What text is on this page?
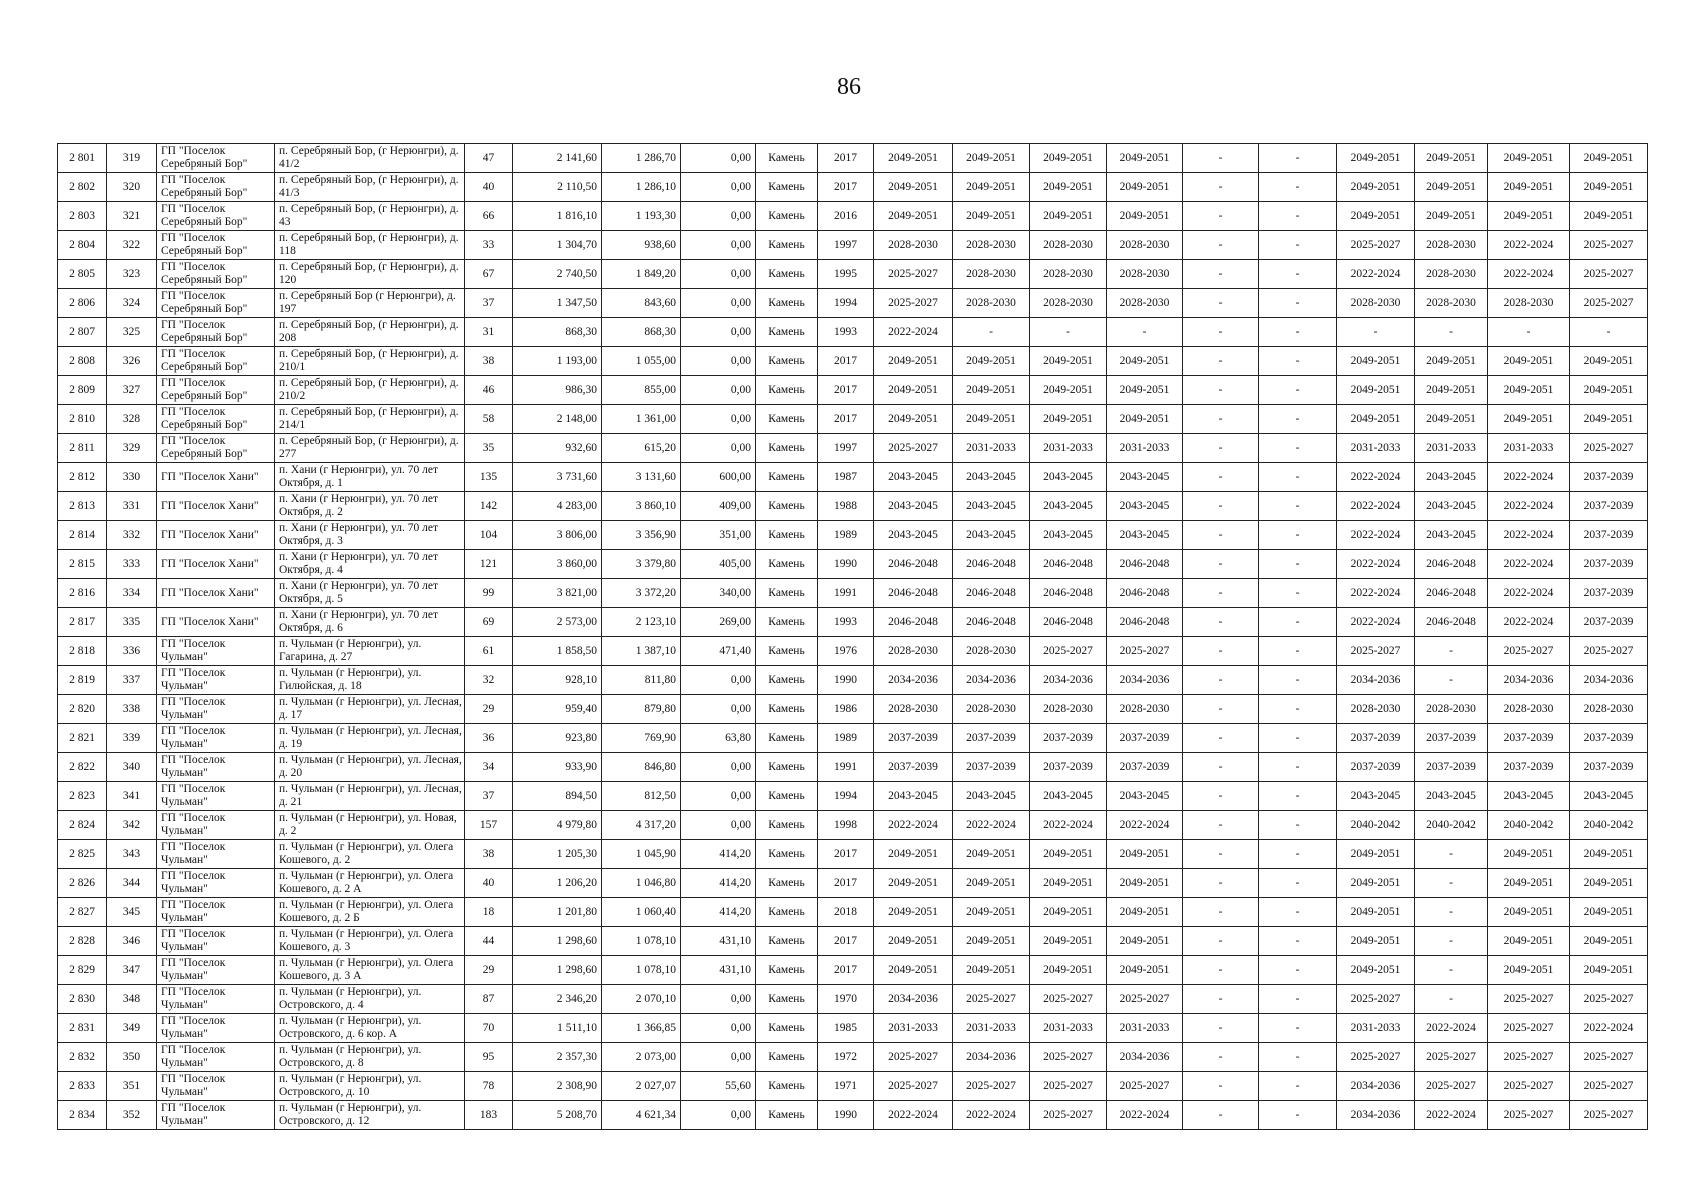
86
2 801	319	ГП "Поселок Серебряный Бор"	п. Серебряный Бор, (г Нерюнгри), д. 41/2	47	2 141,60	1 286,70	0,00	Камень	2017	2049-2051	2049-2051	2049-2051	2049-2051	-	-	2049-2051	2049-2051	2049-2051	2049-2051
2 802	320	ГП "Поселок Серебряный Бор"	п. Серебряный Бор, (г Нерюнгри), д. 41/3	40	2 110,50	1 286,10	0,00	Камень	2017	2049-2051	2049-2051	2049-2051	2049-2051	-	-	2049-2051	2049-2051	2049-2051	2049-2051
2 803	321	ГП "Поселок Серебряный Бор"	п. Серебряный Бор, (г Нерюнгри), д. 43	66	1 816,10	1 193,30	0,00	Камень	2016	2049-2051	2049-2051	2049-2051	2049-2051	-	-	2049-2051	2049-2051	2049-2051	2049-2051
2 804	322	ГП "Поселок Серебряный Бор"	п. Серебряный Бор, (г Нерюнгри), д. 118	33	1 304,70	938,60	0,00	Камень	1997	2028-2030	2028-2030	2028-2030	2028-2030	-	-	2025-2027	2028-2030	2022-2024	2025-2027
2 805	323	ГП "Поселок Серебряный Бор"	п. Серебряный Бор, (г Нерюнгри), д. 120	67	2 740,50	1 849,20	0,00	Камень	1995	2025-2027	2028-2030	2028-2030	2028-2030	-	-	2022-2024	2028-2030	2022-2024	2025-2027
2 806	324	ГП "Поселок Серебряный Бор"	п. Серебряный Бор (г Нерюнгри), д. 197	37	1 347,50	843,60	0,00	Камень	1994	2025-2027	2028-2030	2028-2030	2028-2030	-	-	2028-2030	2028-2030	2028-2030	2025-2027
2 807	325	ГП "Поселок Серебряный Бор"	п. Серебряный Бор, (г Нерюнгри), д. 208	31	868,30	868,30	0,00	Камень	1993	2022-2024	-	-	-	-	-	-	-	-	-
2 808	326	ГП "Поселок Серебряный Бор"	п. Серебряный Бор, (г Нерюнгри), д. 210/1	38	1 193,00	1 055,00	0,00	Камень	2017	2049-2051	2049-2051	2049-2051	2049-2051	-	-	2049-2051	2049-2051	2049-2051	2049-2051
2 809	327	ГП "Поселок Серебряный Бор"	п. Серебряный Бор, (г Нерюнгри), д. 210/2	46	986,30	855,00	0,00	Камень	2017	2049-2051	2049-2051	2049-2051	2049-2051	-	-	2049-2051	2049-2051	2049-2051	2049-2051
2 810	328	ГП "Поселок Серебряный Бор"	п. Серебряный Бор, (г Нерюнгри), д. 214/1	58	2 148,00	1 361,00	0,00	Камень	2017	2049-2051	2049-2051	2049-2051	2049-2051	-	-	2049-2051	2049-2051	2049-2051	2049-2051
2 811	329	ГП "Поселок Серебряный Бор"	п. Серебряный Бор, (г Нерюнгри), д. 277	35	932,60	615,20	0,00	Камень	1997	2025-2027	2031-2033	2031-2033	2031-2033	-	-	2031-2033	2031-2033	2031-2033	2025-2027
2 812	330	ГП "Поселок Хани"	п. Хани (г Нерюнгри), ул. 70 лет Октября, д. 1	135	3 731,60	3 131,60	600,00	Камень	1987	2043-2045	2043-2045	2043-2045	2043-2045	-	-	2022-2024	2043-2045	2022-2024	2037-2039
2 813	331	ГП "Поселок Хани"	п. Хани (г Нерюнгри), ул. 70 лет Октября, д. 2	142	4 283,00	3 860,10	409,00	Камень	1988	2043-2045	2043-2045	2043-2045	2043-2045	-	-	2022-2024	2043-2045	2022-2024	2037-2039
2 814	332	ГП "Поселок Хани"	п. Хани (г Нерюнгри), ул. 70 лет Октября, д. 3	104	3 806,00	3 356,90	351,00	Камень	1989	2043-2045	2043-2045	2043-2045	2043-2045	-	-	2022-2024	2043-2045	2022-2024	2037-2039
2 815	333	ГП "Поселок Хани"	п. Хани (г Нерюнгри), ул. 70 лет Октября, д. 4	121	3 860,00	3 379,80	405,00	Камень	1990	2046-2048	2046-2048	2046-2048	2046-2048	-	-	2022-2024	2046-2048	2022-2024	2037-2039
2 816	334	ГП "Поселок Хани"	п. Хани (г Нерюнгри), ул. 70 лет Октября, д. 5	99	3 821,00	3 372,20	340,00	Камень	1991	2046-2048	2046-2048	2046-2048	2046-2048	-	-	2022-2024	2046-2048	2022-2024	2037-2039
2 817	335	ГП "Поселок Хани"	п. Хани (г Нерюнгри), ул. 70 лет Октября, д. 6	69	2 573,00	2 123,10	269,00	Камень	1993	2046-2048	2046-2048	2046-2048	2046-2048	-	-	2022-2024	2046-2048	2022-2024	2037-2039
2 818	336	ГП "Поселок Чульман"	п. Чульман (г Нерюнгри), ул. Гагарина, д. 27	61	1 858,50	1 387,10	471,40	Камень	1976	2028-2030	2028-2030	2025-2027	2025-2027	-	-	2025-2027	-	2025-2027	2025-2027
2 819	337	ГП "Поселок Чульман"	п. Чульман (г Нерюнгри), ул. Гилюйская, д. 18	32	928,10	811,80	0,00	Камень	1990	2034-2036	2034-2036	2034-2036	2034-2036	-	-	2034-2036	-	2034-2036	2034-2036
2 820	338	ГП "Поселок Чульман"	п. Чульман (г Нерюнгри), ул. Лесная, д. 17	29	959,40	879,80	0,00	Камень	1986	2028-2030	2028-2030	2028-2030	2028-2030	-	-	2028-2030	2028-2030	2028-2030	2028-2030
2 821	339	ГП "Поселок Чульман"	п. Чульман (г Нерюнгри), ул. Лесная, д. 19	36	923,80	769,90	63,80	Камень	1989	2037-2039	2037-2039	2037-2039	2037-2039	-	-	2037-2039	2037-2039	2037-2039	2037-2039
2 822	340	ГП "Поселок Чульман"	п. Чульман (г Нерюнгри), ул. Лесная, д. 20	34	933,90	846,80	0,00	Камень	1991	2037-2039	2037-2039	2037-2039	2037-2039	-	-	2037-2039	2037-2039	2037-2039	2037-2039
2 823	341	ГП "Поселок Чульман"	п. Чульман (г Нерюнгри), ул. Лесная, д. 21	37	894,50	812,50	0,00	Камень	1994	2043-2045	2043-2045	2043-2045	2043-2045	-	-	2043-2045	2043-2045	2043-2045	2043-2045
2 824	342	ГП "Поселок Чульман"	п. Чульман (г Нерюнгри), ул. Новая, д. 2	157	4 979,80	4 317,20	0,00	Камень	1998	2022-2024	2022-2024	2022-2024	2022-2024	-	-	2040-2042	2040-2042	2040-2042	2040-2042
2 825	343	ГП "Поселок Чульман"	п. Чульман (г Нерюнгри), ул. Олега Кошевого, д. 2	38	1 205,30	1 045,90	414,20	Камень	2017	2049-2051	2049-2051	2049-2051	2049-2051	-	-	2049-2051	-	2049-2051	2049-2051
2 826	344	ГП "Поселок Чульман"	п. Чульман (г Нерюнгри), ул. Олега Кошевого, д. 2 А	40	1 206,20	1 046,80	414,20	Камень	2017	2049-2051	2049-2051	2049-2051	2049-2051	-	-	2049-2051	-	2049-2051	2049-2051
2 827	345	ГП "Поселок Чульман"	п. Чульман (г Нерюнгри), ул. Олега Кошевого, д. 2 Б	18	1 201,80	1 060,40	414,20	Камень	2018	2049-2051	2049-2051	2049-2051	2049-2051	-	-	2049-2051	-	2049-2051	2049-2051
2 828	346	ГП "Поселок Чульман"	п. Чульман (г Нерюнгри), ул. Олега Кошевого, д. 3	44	1 298,60	1 078,10	431,10	Камень	2017	2049-2051	2049-2051	2049-2051	2049-2051	-	-	2049-2051	-	2049-2051	2049-2051
2 829	347	ГП "Поселок Чульман"	п. Чульман (г Нерюнгри), ул. Олега Кошевого, д. 3 А	29	1 298,60	1 078,10	431,10	Камень	2017	2049-2051	2049-2051	2049-2051	2049-2051	-	-	2049-2051	-	2049-2051	2049-2051
2 830	348	ГП "Поселок Чульман"	п. Чульман (г Нерюнгри), ул. Островского, д. 4	87	2 346,20	2 070,10	0,00	Камень	1970	2034-2036	2025-2027	2025-2027	2025-2027	-	-	2025-2027	-	2025-2027	2025-2027
2 831	349	ГП "Поселок Чульман"	п. Чульман (г Нерюнгри), ул. Островского, д. 6 кор. А	70	1 511,10	1 366,85	0,00	Камень	1985	2031-2033	2031-2033	2031-2033	2031-2033	-	-	2031-2033	2022-2024	2025-2027	2022-2024
2 832	350	ГП "Поселок Чульман"	п. Чульман (г Нерюнгри), ул. Островского, д. 8	95	2 357,30	2 073,00	0,00	Камень	1972	2025-2027	2034-2036	2025-2027	2034-2036	-	-	2025-2027	2025-2027	2025-2027	2025-2027
2 833	351	ГП "Поселок Чульман"	п. Чульман (г Нерюнгри), ул. Островского, д. 10	78	2 308,90	2 027,07	55,60	Камень	1971	2025-2027	2025-2027	2025-2027	2025-2027	-	-	2034-2036	2025-2027	2025-2027	2025-2027
2 834	352	ГП "Поселок Чульман"	п. Чульман (г Нерюнгри), ул. Островского, д. 12	183	5 208,70	4 621,34	0,00	Камень	1990	2022-2024	2022-2024	2025-2027	2022-2024	-	-	2034-2036	2022-2024	2025-2027	2025-2027
